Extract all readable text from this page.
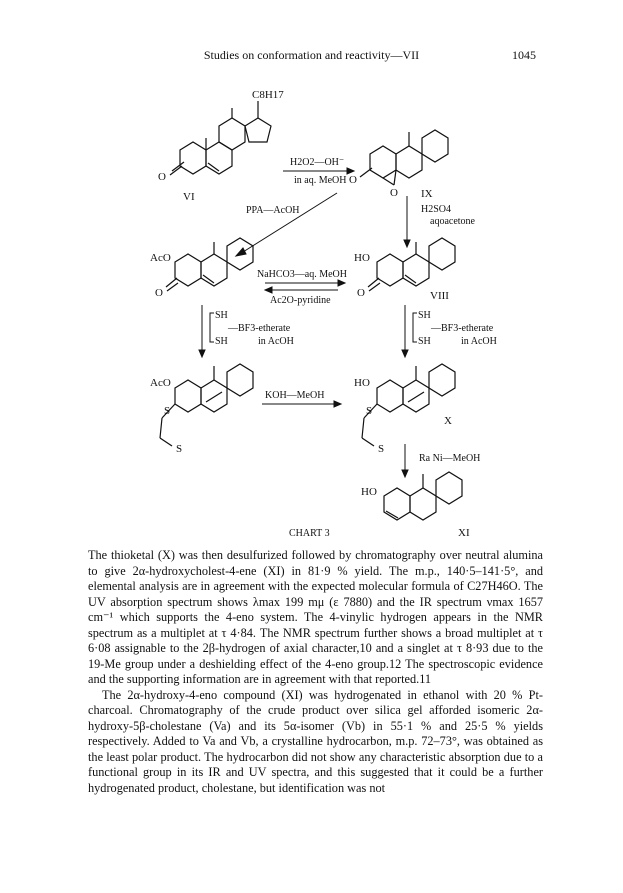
Studies on conformation and reactivity—VII	1045
C8H17
H2O2—OH⁻
in aq. MeOH
VI
O	O
O IX
H2SO4
aqoacetone
PPA—AcOH
AcO
O
HO
O
NaHCO3—aq. MeOH
Ac2O-pyridine	VIII
SH
SH
—BF3-etherate
in AcOH
SH
SH
—BF3-etherate
in AcOH
AcO
S
S
KOH—MeOH
HO
S
S
X
Ra Ni—MeOH
HO
CHART 3	XI

The thioketal (X) was then desulfurized followed by chromatography over neutral alumina to give 2α-hydroxycholest-4-ene (XI) in 81·9 % yield. The m.p., 140·5–141·5°, and elemental analysis are in agreement with the expected molecular formula of C27H46O. The UV absorption spectrum shows λmax 199 mμ (ε 7880) and the IR spectrum νmax 1657 cm⁻¹ which supports the 4-eno system. The 4-vinylic hydrogen appears in the NMR spectrum as a multiplet at τ 4·84. The NMR spectrum further shows a broad multiplet at τ 6·08 assignable to the 2β-hydrogen of axial character,10 and a singlet at τ 8·93 due to the 19-Me group under a deshielding effect of the 4-eno group.12 The spectroscopic evidence and the supporting information are in agreement with that reported.11

The 2α-hydroxy-4-eno compound (XI) was hydrogenated in ethanol with 20 % Pt-charcoal. Chromatography of the crude product over silica gel afforded isomeric 2α-hydroxy-5β-cholestane (Va) and its 5α-isomer (Vb) in 55·1 % and 25·5 % yields respectively. Added to Va and Vb, a crystalline hydrocarbon, m.p. 72–73°, was obtained as the least polar product. The hydrocarbon did not show any characteristic absorption due to a functional group in its IR and UV spectra, and this suggested that it could be a further hydrogenated product, cholestane, but identification was not
